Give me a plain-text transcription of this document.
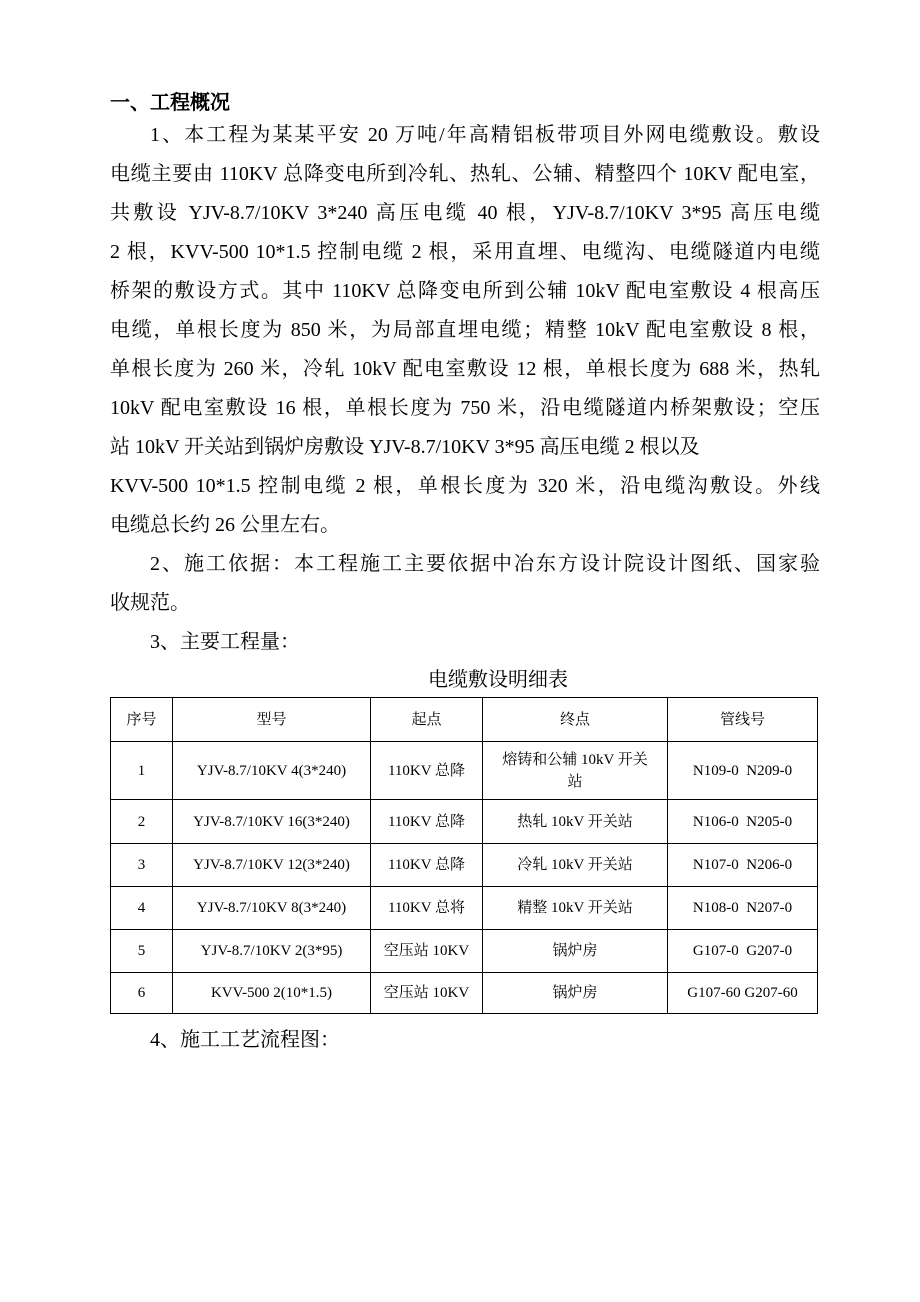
一、工程概况
1、本工程为某某平安 20 万吨/年高精铝板带项目外网电缆敷设。敷设
电缆主要由 110KV 总降变电所到冷轧、热轧、公辅、精整四个 10KV 配电室，
共敷设 YJV-8.7/10KV 3*240 高压电缆 40 根，YJV-8.7/10KV 3*95 高压电缆
2 根，KVV-500 10*1.5 控制电缆 2 根，采用直埋、电缆沟、电缆隧道内电缆
桥架的敷设方式。其中 110KV 总降变电所到公辅 10kV 配电室敷设 4 根高压
电缆，单根长度为 850 米，为局部直埋电缆；精整 10kV 配电室敷设 8 根，
单根长度为 260 米，冷轧 10kV 配电室敷设 12 根，单根长度为 688 米，热轧
10kV 配电室敷设 16 根，单根长度为 750 米，沿电缆隧道内桥架敷设；空压
站 10kV 开关站到锅炉房敷设 YJV-8.7/10KV 3*95 高压电缆 2 根以及
KVV-500 10*1.5 控制电缆 2 根，单根长度为 320 米，沿电缆沟敷设。外线
电缆总长约 26 公里左右。
2、施工依据：本工程施工主要依据中冶东方设计院设计图纸、国家验
收规范。
3、主要工程量：
电缆敷设明细表
序号	型号	起点	终点	管线号
1	YJV-8.7/10KV 4(3*240)	110KV 总降	熔铸和公辅 10kV 开关站	N109-0  N209-0
2	YJV-8.7/10KV 16(3*240)	110KV 总降	热轧 10kV 开关站	N106-0  N205-0
3	YJV-8.7/10KV 12(3*240)	110KV 总降	冷轧 10kV 开关站	N107-0  N206-0
4	YJV-8.7/10KV 8(3*240)	110KV 总将	精整 10kV 开关站	N108-0  N207-0
5	YJV-8.7/10KV 2(3*95)	空压站 10KV	锅炉房	G107-0  G207-0
6	KVV-500 2(10*1.5)	空压站 10KV	锅炉房	G107-60 G207-60
4、施工工艺流程图：
